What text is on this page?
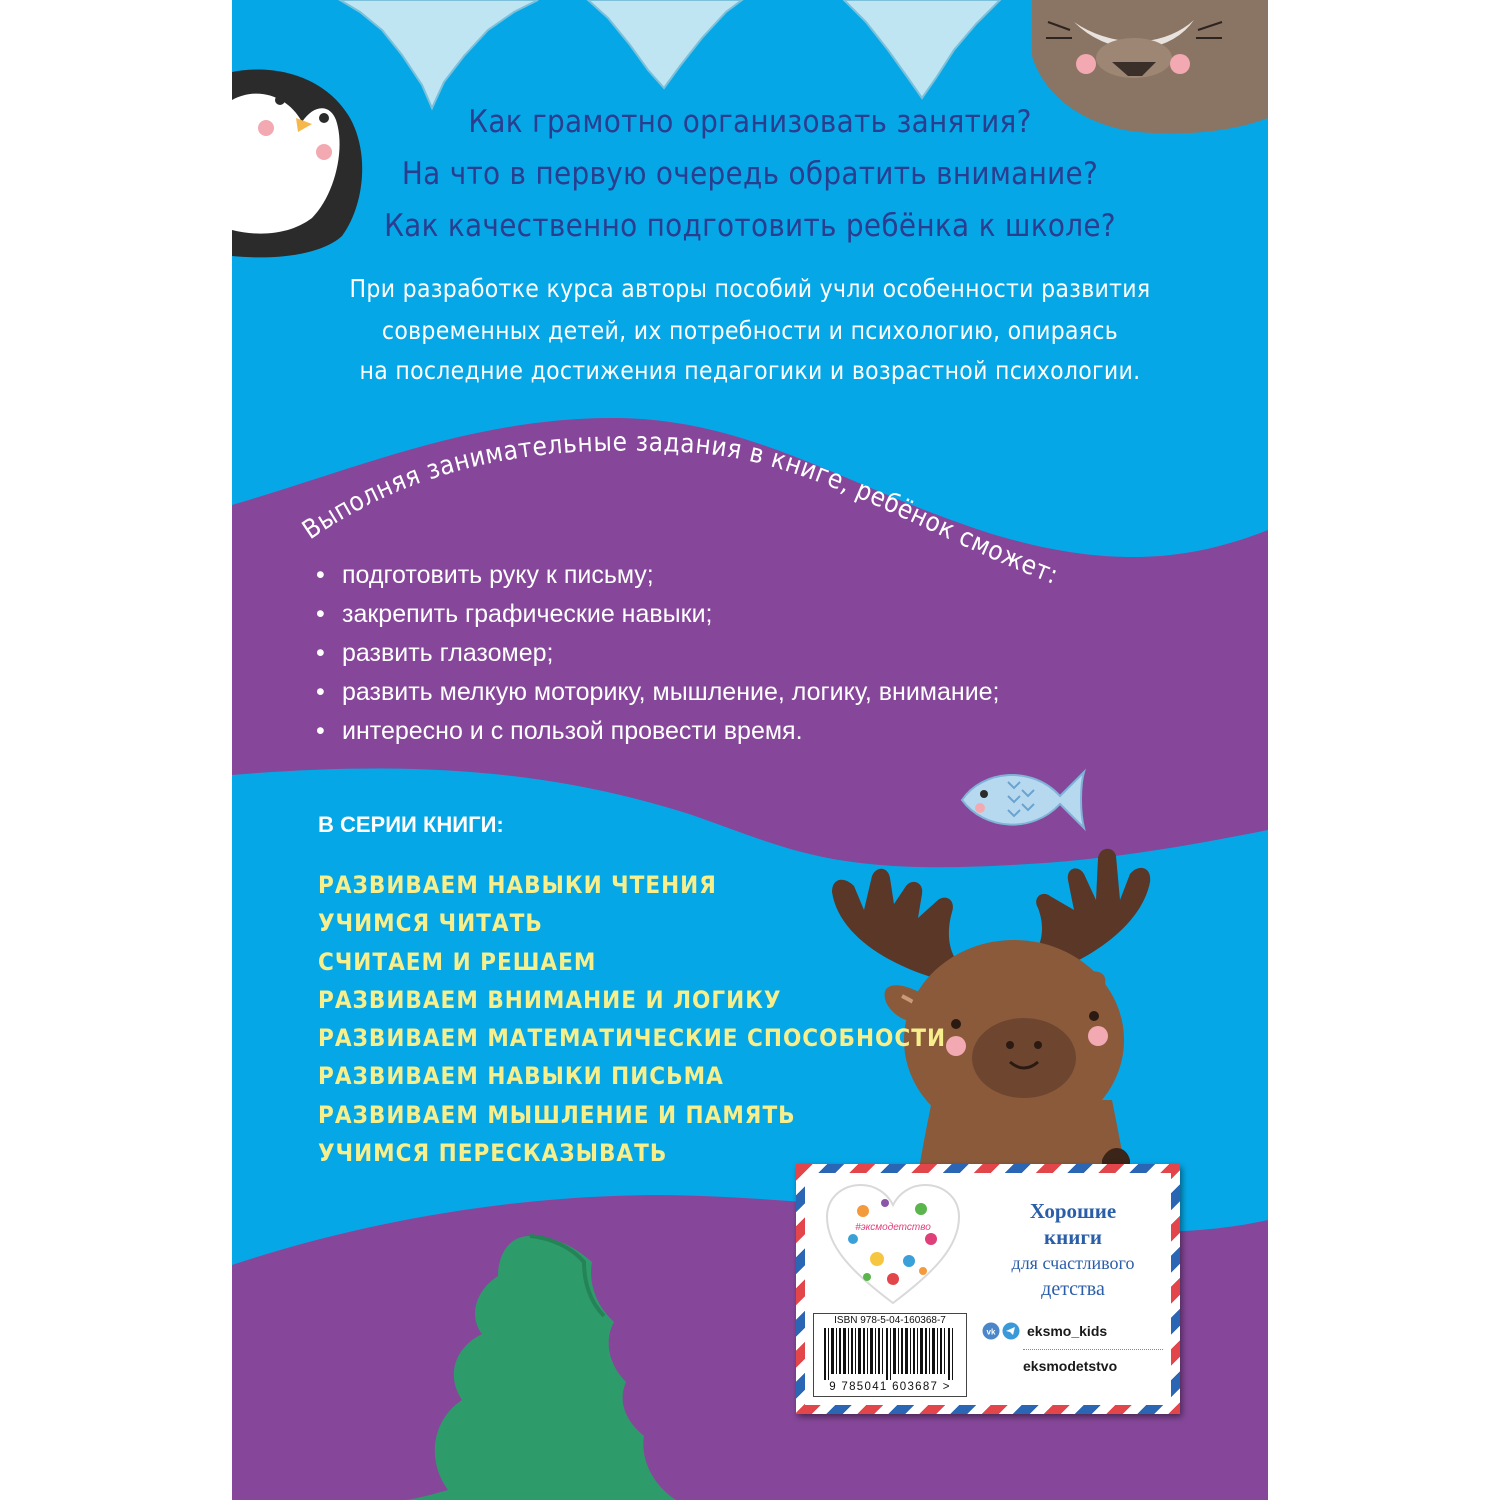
Как грамотно организовать занятия?
На что в первую очередь обратить внимание?
Как качественно подготовить ребёнка к школе?
При разработке курса авторы пособий учли особенности развития
современных детей, их потребности и психологию, опираясь
на последние достижения педагогики и возрастной психологии.
Выполняя занимательные задания в книге, ребёнок сможет:
• подготовить руку к письму;
• закрепить графические навыки;
• развить глазомер;
• развить мелкую моторику, мышление, логику, внимание;
• интересно и с пользой провести время.
В СЕРИИ КНИГИ:
РАЗВИВАЕМ НАВЫКИ ЧТЕНИЯ
УЧИМСЯ ЧИТАТЬ
СЧИТАЕМ И РЕШАЕМ
РАЗВИВАЕМ ВНИМАНИЕ И ЛОГИКУ
РАЗВИВАЕМ МАТЕМАТИЧЕСКИЕ СПОСОБНОСТИ
РАЗВИВАЕМ НАВЫКИ ПИСЬМА
РАЗВИВАЕМ МЫШЛЕНИЕ И ПАМЯТЬ
УЧИМСЯ ПЕРЕСКАЗЫВАТЬ
#эксмодетство
Хорошие
книги
для счастливого
детства
ISBN 978-5-04-160368-7
9 785041 603687 >
vk eksmo_kids
eksmodetstvo
